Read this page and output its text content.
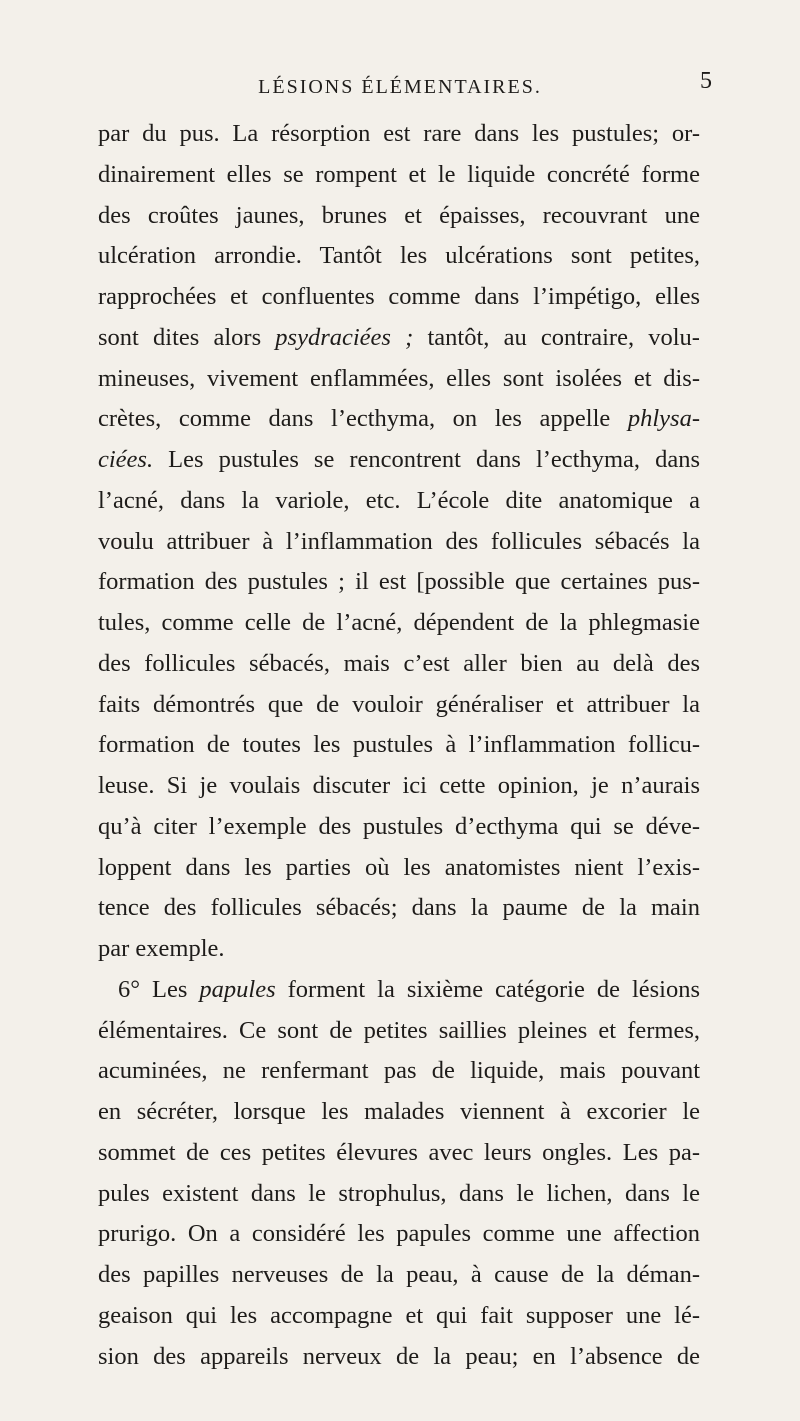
LÉSIONS ÉLÉMENTAIRES.	5
par du pus. La résorption est rare dans les pustules; or-
dinairement elles se rompent et le liquide concrété forme
des croûtes jaunes, brunes et épaisses, recouvrant une
ulcération arrondie. Tantôt les ulcérations sont petites,
rapprochées et confluentes comme dans l’impétigo, elles
sont dites alors psydraciées ; tantôt, au contraire, volu-
mineuses, vivement enflammées, elles sont isolées et dis-
crètes, comme dans l’ecthyma, on les appelle phlysa-
ciées. Les pustules se rencontrent dans l’ecthyma, dans
l’acné, dans la variole, etc. L’école dite anatomique a
voulu attribuer à l’inflammation des follicules sébacés la
formation des pustules ; il est [possible que certaines pus-
tules, comme celle de l’acné, dépendent de la phlegmasie
des follicules sébacés, mais c’est aller bien au delà des
faits démontrés que de vouloir généraliser et attribuer la
formation de toutes les pustules à l’inflammation follicu-
leuse. Si je voulais discuter ici cette opinion, je n’aurais
qu’à citer l’exemple des pustules d’ecthyma qui se déve-
loppent dans les parties où les anatomistes nient l’exis-
tence des follicules sébacés; dans la paume de la main
par exemple.
6° Les papules forment la sixième catégorie de lésions
élémentaires. Ce sont de petites saillies pleines et fermes,
acuminées, ne renfermant pas de liquide, mais pouvant
en sécréter, lorsque les malades viennent à excorier le
sommet de ces petites élevures avec leurs ongles. Les pa-
pules existent dans le strophulus, dans le lichen, dans le
prurigo. On a considéré les papules comme une affection
des papilles nerveuses de la peau, à cause de la déman-
geaison qui les accompagne et qui fait supposer une lé-
sion des appareils nerveux de la peau; en l’absence de
